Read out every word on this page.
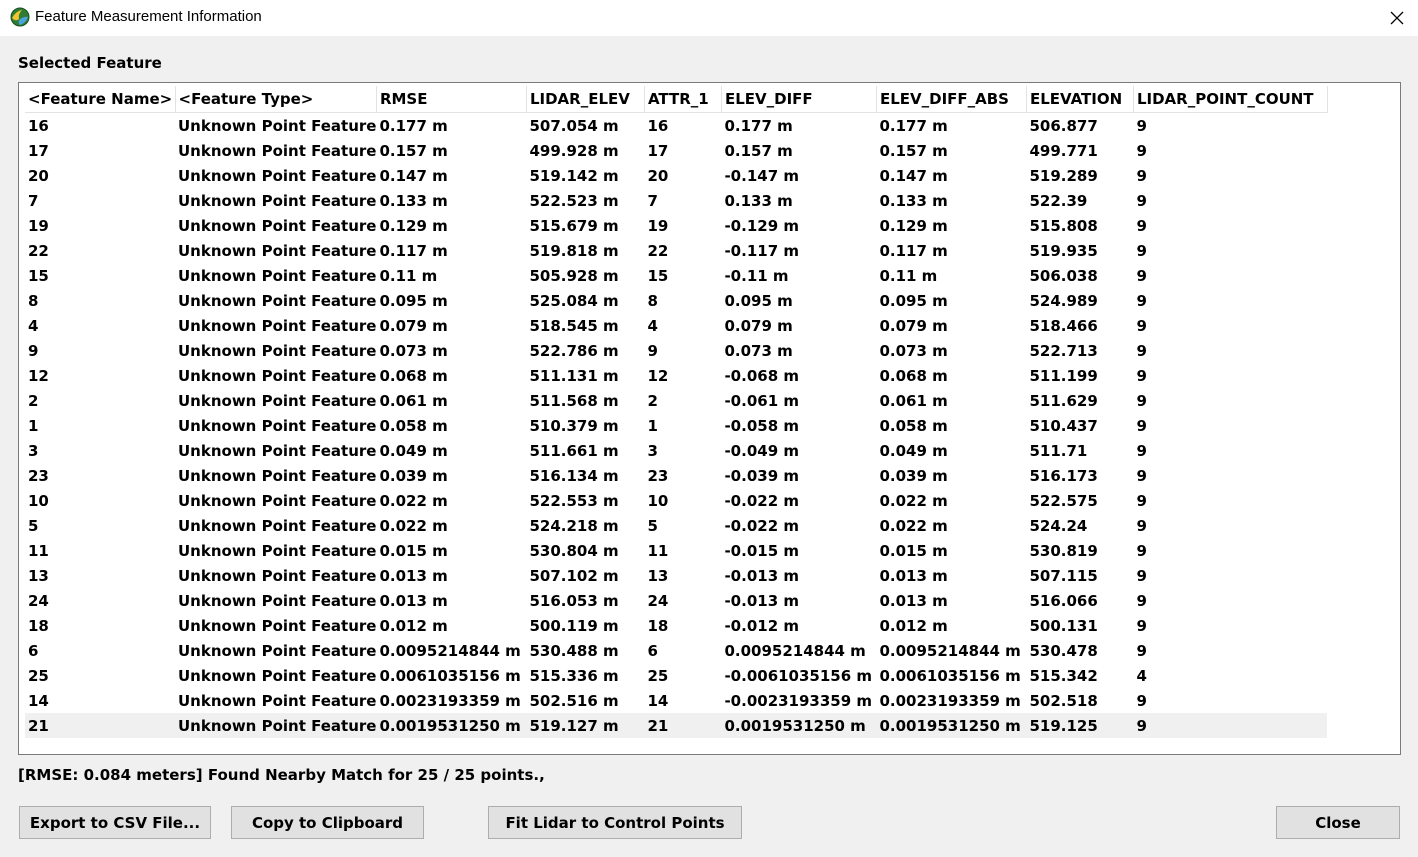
Feature Measurement Information
Selected Feature
<Feature Name>	<Feature Type>	RMSE	LIDAR_ELEV	ATTR_1	ELEV_DIFF	ELEV_DIFF_ABS	ELEVATION	LIDAR_POINT_COUNT
16	Unknown Point Feature	0.177 m	507.054 m	16	0.177 m	0.177 m	506.877	9
17	Unknown Point Feature	0.157 m	499.928 m	17	0.157 m	0.157 m	499.771	9
20	Unknown Point Feature	0.147 m	519.142 m	20	-0.147 m	0.147 m	519.289	9
7	Unknown Point Feature	0.133 m	522.523 m	7	0.133 m	0.133 m	522.39	9
19	Unknown Point Feature	0.129 m	515.679 m	19	-0.129 m	0.129 m	515.808	9
22	Unknown Point Feature	0.117 m	519.818 m	22	-0.117 m	0.117 m	519.935	9
15	Unknown Point Feature	0.11 m	505.928 m	15	-0.11 m	0.11 m	506.038	9
8	Unknown Point Feature	0.095 m	525.084 m	8	0.095 m	0.095 m	524.989	9
4	Unknown Point Feature	0.079 m	518.545 m	4	0.079 m	0.079 m	518.466	9
9	Unknown Point Feature	0.073 m	522.786 m	9	0.073 m	0.073 m	522.713	9
12	Unknown Point Feature	0.068 m	511.131 m	12	-0.068 m	0.068 m	511.199	9
2	Unknown Point Feature	0.061 m	511.568 m	2	-0.061 m	0.061 m	511.629	9
1	Unknown Point Feature	0.058 m	510.379 m	1	-0.058 m	0.058 m	510.437	9
3	Unknown Point Feature	0.049 m	511.661 m	3	-0.049 m	0.049 m	511.71	9
23	Unknown Point Feature	0.039 m	516.134 m	23	-0.039 m	0.039 m	516.173	9
10	Unknown Point Feature	0.022 m	522.553 m	10	-0.022 m	0.022 m	522.575	9
5	Unknown Point Feature	0.022 m	524.218 m	5	-0.022 m	0.022 m	524.24	9
11	Unknown Point Feature	0.015 m	530.804 m	11	-0.015 m	0.015 m	530.819	9
13	Unknown Point Feature	0.013 m	507.102 m	13	-0.013 m	0.013 m	507.115	9
24	Unknown Point Feature	0.013 m	516.053 m	24	-0.013 m	0.013 m	516.066	9
18	Unknown Point Feature	0.012 m	500.119 m	18	-0.012 m	0.012 m	500.131	9
6	Unknown Point Feature	0.0095214844 m	530.488 m	6	0.0095214844 m	0.0095214844 m	530.478	9
25	Unknown Point Feature	0.0061035156 m	515.336 m	25	-0.0061035156 m	0.0061035156 m	515.342	4
14	Unknown Point Feature	0.0023193359 m	502.516 m	14	-0.0023193359 m	0.0023193359 m	502.518	9
21	Unknown Point Feature	0.0019531250 m	519.127 m	21	0.0019531250 m	0.0019531250 m	519.125	9
[RMSE: 0.084 meters] Found Nearby Match for 25 / 25 points.,
Export to CSV File...	Copy to Clipboard	Fit Lidar to Control Points	Close
